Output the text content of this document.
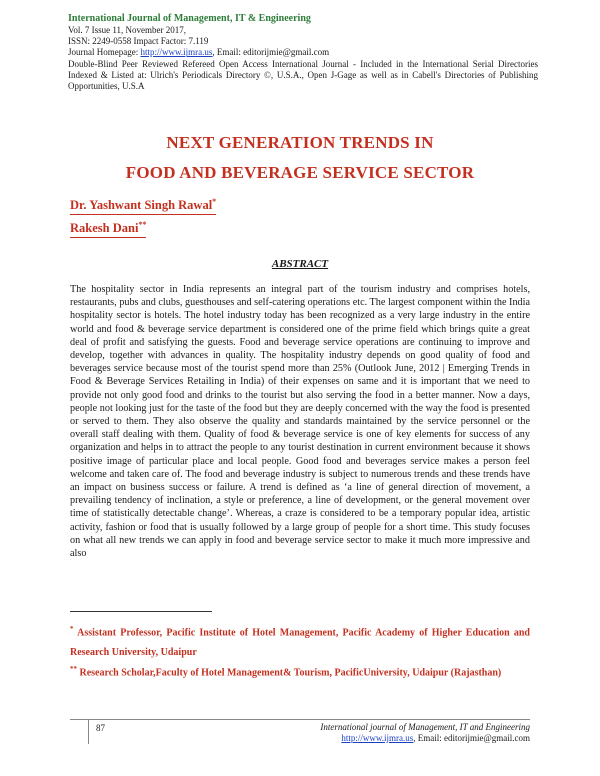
International Journal of Management, IT & Engineering
Vol. 7 Issue 11, November 2017,
ISSN: 2249-0558 Impact Factor: 7.119
Journal Homepage: http://www.ijmra.us, Email: editorijmie@gmail.com
Double-Blind Peer Reviewed Refereed Open Access International Journal - Included in the International Serial Directories Indexed & Listed at: Ulrich's Periodicals Directory ©, U.S.A., Open J-Gage as well as in Cabell's Directories of Publishing Opportunities, U.S.A
NEXT GENERATION TRENDS IN
FOOD AND BEVERAGE SERVICE SECTOR
Dr. Yashwant Singh Rawal*
Rakesh Dani**
ABSTRACT
The hospitality sector in India represents an integral part of the tourism industry and comprises hotels, restaurants, pubs and clubs, guesthouses and self-catering operations etc. The largest component within the India hospitality sector is hotels. The hotel industry today has been recognized as a very large industry in the entire world and food & beverage service department is considered one of the prime field which brings quite a great deal of profit and satisfying the guests. Food and beverage service operations are continuing to improve and develop, together with advances in quality. The hospitality industry depends on good quality of food and beverages service because most of the tourist spend more than 25% (Outlook June, 2012 | Emerging Trends in Food & Beverage Services Retailing in India) of their expenses on same and it is important that we need to provide not only good food and drinks to the tourist but also serving the food in a better manner. Now a days, people not looking just for the taste of the food but they are deeply concerned with the way the food is presented or served to them. They also observe the quality and standards maintained by the service personnel or the overall staff dealing with them. Quality of food & beverage service is one of key elements for success of any organization and helps in to attract the people to any tourist destination in current environment because it shows positive image of particular place and local people. Good food and beverages service makes a person feel welcome and taken care of. The food and beverage industry is subject to numerous trends and these trends have an impact on business success or failure. A trend is defined as ‘a line of general direction of movement, a prevailing tendency of inclination, a style or preference, a line of development, or the general movement over time of statistically detectable change’. Whereas, a craze is considered to be a temporary popular idea, artistic activity, fashion or food that is usually followed by a large group of people for a short time. This study focuses on what all new trends we can apply in food and beverage service sector to make it much more impressive and also
* Assistant Professor, Pacific Institute of Hotel Management, Pacific Academy of Higher Education and Research University, Udaipur
** Research Scholar,Faculty of Hotel Management& Tourism, PacificUniversity, Udaipur (Rajasthan)
87	International journal of Management, IT and Engineering
http://www.ijmra.us, Email: editorijmie@gmail.com
